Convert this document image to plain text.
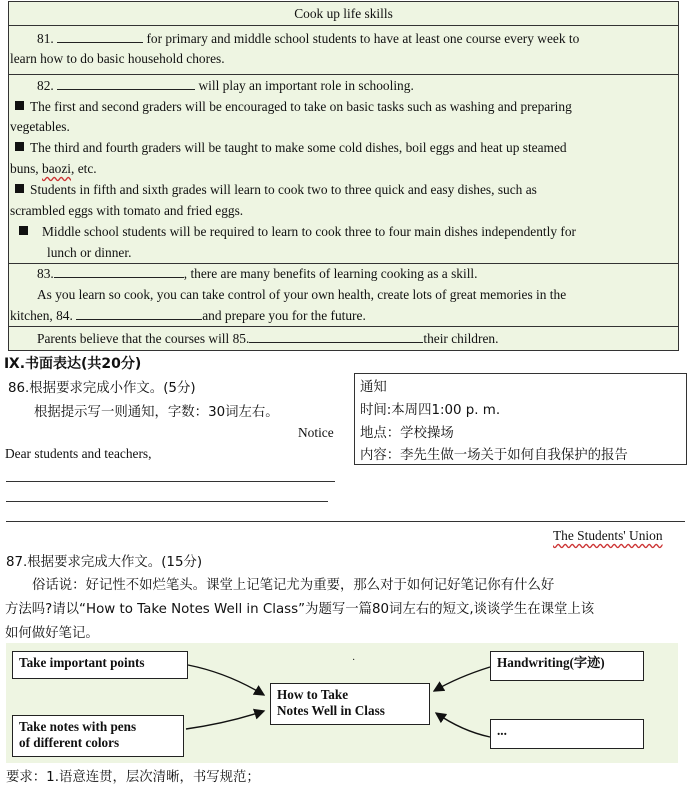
Cook up life skills
81.	for primary and middle school students to have at least one course every week to
learn how to do basic household chores.
82.	will play an important role in schooling.
The first and second graders will be encouraged to take on basic tasks such as washing and preparing
vegetables.
The third and fourth graders will be taught to make some cold dishes, boil eggs and heat up steamed
buns, baozi, etc.
Students in fifth and sixth grades will learn to cook two to three quick and easy dishes, such as
scrambled eggs with tomato and fried eggs.
Middle school students will be required to learn to cook three to four main dishes independently for
lunch or dinner.
83.	, there are many benefits of learning cooking as a skill.
As you learn so cook, you can take control of your own health, create lots of great memories in the
kitchen, 84.	and prepare you for the future.
Parents believe that the courses will 85.	their children.
Ⅸ.书面表达(共20分)
86.根据要求完成小作文。(5分)
根据提示写一则通知，字数：30词左右。
Notice
Dear students and teachers,
通知
时间:本周四1:00 p. m.
地点：学校操场
内容：李先生做一场关于如何自我保护的报告
The Students' Union
87.根据要求完成大作文。(15分)
俗话说：好记性不如烂笔头。课堂上记笔记尤为重要，那么对于如何记好笔记你有什么好
方法吗?请以“How to Take Notes Well in Class”为题写一篇80词左右的短文,谈谈学生在课堂上该
如何做好笔记。
Take important points
How to Take
Notes Well in Class
Take notes with pens
of different colors
Handwriting(字迹)
...
·
要求：1.语意连贯，层次清晰，书写规范；
